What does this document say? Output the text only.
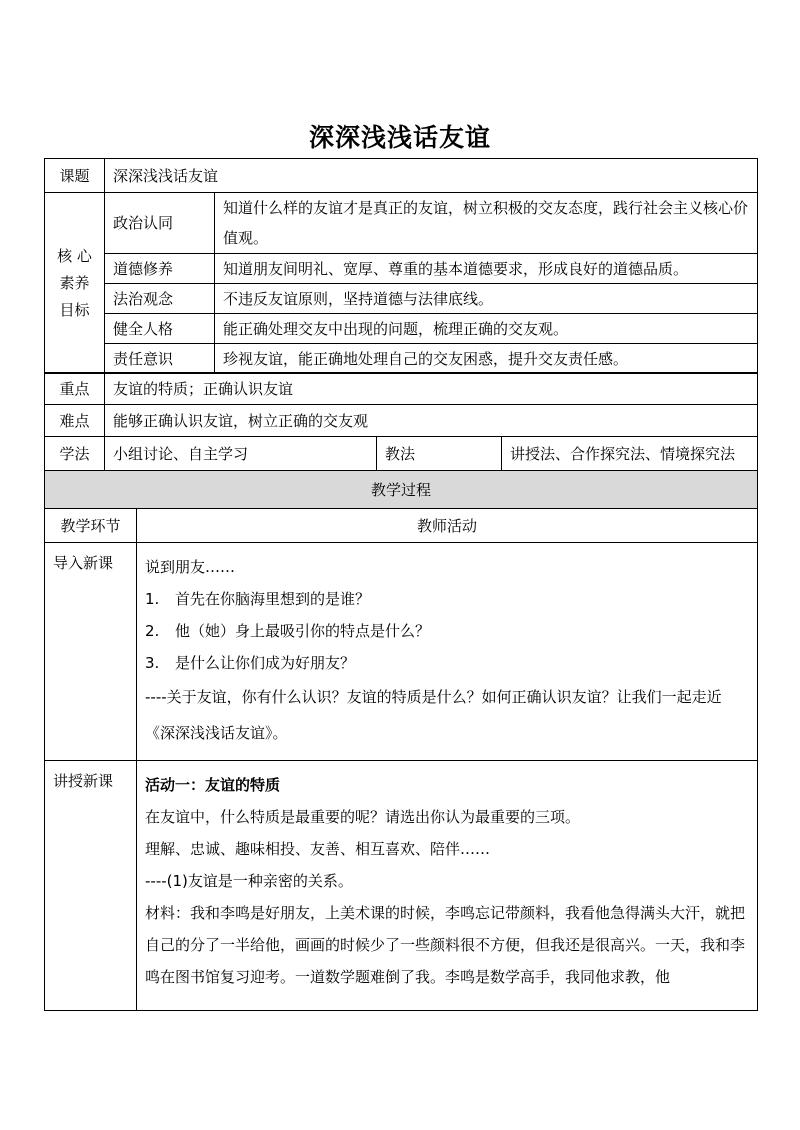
深深浅浅话友谊
课题	深深浅浅话友谊	

核 心
素养
目标	政治认同	知道什么样的友谊才是真正的友谊，树立积极的交友态度，践行社会主义核心价值观。
	道德修养	知道朋友间明礼、宽厚、尊重的基本道德要求，形成良好的道德品质。
	法治观念	不违反友谊原则，坚持道德与法律底线。
	健全人格	能正确处理交友中出现的问题，梳理正确的交友观。
	责任意识	珍视友谊，能正确地处理自己的交友困惑，提升交友责任感。
重点	友谊的特质；正确认识友谊		
难点	能够正确认识友谊，树立正确的交友观		
学法	小组讨论、自主学习	教法	讲授法、合作探究法、情境探究法
教学过程	
教学环节	教师活动
导入新课	说到朋友……

1. 首先在你脑海里想到的是谁？

2. 他（她）身上最吸引你的特点是什么？

3. 是什么让你们成为好朋友？

----关于友谊，你有什么认识？友谊的特质是什么？如何正确认识友谊？让我们一起走近《深深浅浅话友谊》。

讲授新课	活动一：友谊的特质

在友谊中，什么特质是最重要的呢？请选出你认为最重要的三项。

理解、忠诚、趣味相投、友善、相互喜欢、陪伴……

----(1)友谊是一种亲密的关系。

材料：我和李鸣是好朋友，上美术课的时候，李鸣忘记带颜料，我看他急得满头大汗，就把自己的分了一半给他，画画的时候少了一些颜料很不方便，但我还是很高兴。一天，我和李鸣在图书馆复习迎考。一道数学题难倒了我。李鸣是数学高手，我同他求教，他
